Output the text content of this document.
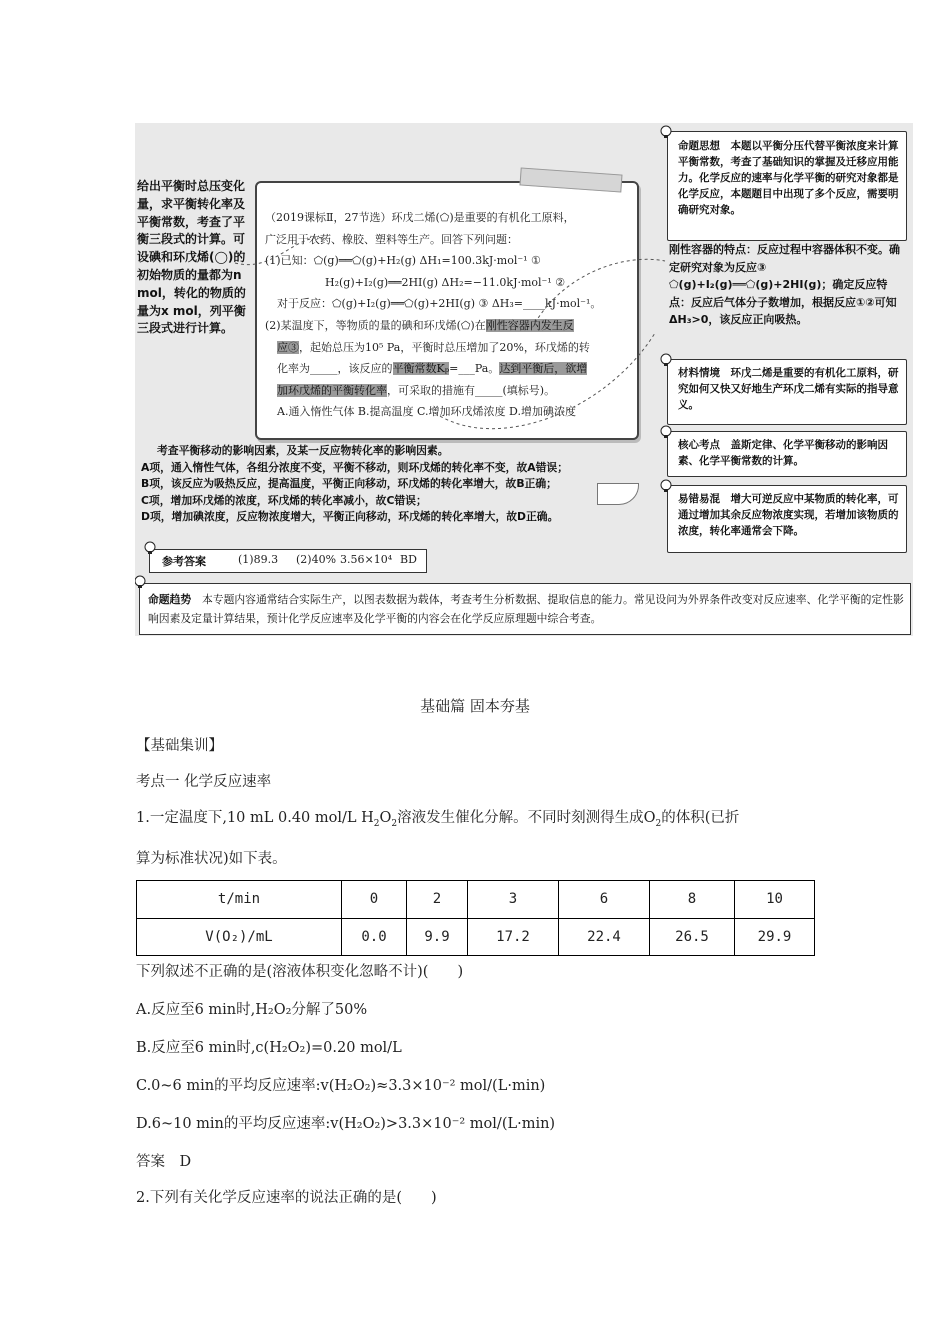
给出平衡时总压变化量，求平衡转化率及平衡常数，考查了平衡三段式的计算。可设碘和环戊烯(◯)的初始物质的量都为n mol，转化的物质的量为x mol，列平衡三段式进行计算。
（2019课标Ⅱ，27节选）环戊二烯(⬠)是重要的有机化工原料，
广泛用于农药、橡胶、塑料等生产。回答下列问题：
(1)已知：⬠(g)══⬠(g)+H₂(g) ΔH₁=100.3kJ·mol⁻¹ ①
H₂(g)+I₂(g)══2HI(g) ΔH₂=−11.0kJ·mol⁻¹ ②
对于反应：⬠(g)+I₂(g)══⬠(g)+2HI(g) ③ ΔH₃=____kJ·mol⁻¹。
(2)某温度下，等物质的量的碘和环戊烯(⬠)在刚性容器内发生反
应③，起始总压为10⁵ Pa，平衡时总压增加了20%，环戊烯的转
化率为_____，该反应的平衡常数Kₚ=___Pa。达到平衡后，欲增
加环戊烯的平衡转化率，可采取的措施有_____(填标号)。
A.通入惰性气体 B.提高温度 C.增加环戊烯浓度 D.增加碘浓度
命题思想　 本题以平衡分压代替平衡浓度来计算平衡常数，考查了基础知识的掌握及迁移应用能力。化学反应的速率与化学平衡的研究对象都是化学反应，本题题目中出现了多个反应，需要明确研究对象。
刚性容器的特点：反应过程中容器体积不变。确定研究对象为反应③ ⬠(g)+I₂(g)══⬠(g)+2HI(g)；确定反应特点：反应后气体分子数增加，根据反应①②可知ΔH₃>0，该反应正向吸热。
材料情境　 环戊二烯是重要的有机化工原料，研究如何又快又好地生产环戊二烯有实际的指导意义。
核心考点　 盖斯定律、化学平衡移动的影响因素、化学平衡常数的计算。
易错易混　 增大可逆反应中某物质的转化率，可通过增加其余反应物浓度实现，若增加该物质的浓度，转化率通常会下降。
考查平衡移动的影响因素，及某一反应物转化率的影响因素。
A项，通入惰性气体，各组分浓度不变，平衡不移动，则环戊烯的转化率不变，故A错误；
B项，该反应为吸热反应，提高温度，平衡正向移动，环戊烯的转化率增大，故B正确；
C项，增加环戊烯的浓度，环戊烯的转化率减小，故C错误；
D项，增加碘浓度，反应物浓度增大，平衡正向移动，环戊烯的转化率增大，故D正确。
参考答案	(1)89.3 (2)40% 3.56×10⁴ BD
命题趋势　 本专题内容通常结合实际生产，以图表数据为载体，考查考生分析数据、提取信息的能力。常见设问为外界条件改变对反应速率、化学平衡的定性影响因素及定量计算结果，预计化学反应速率及化学平衡的内容会在化学反应原理题中综合考查。
基础篇 固本夯基
【基础集训】
考点一 化学反应速率
1.一定温度下,10 mL 0.40 mol/L $H_2O_2$溶液发生催化分解。不同时刻测得生成$O_2$的体积(已折
算为标准状况)如下表。
t/min	0	2	3	6	8	10
V(O₂)/mL	0.0	9.9	17.2	22.4	26.5	29.9
下列叙述不正确的是(溶液体积变化忽略不计)(　　)
A.反应至6 min时,H₂O₂分解了50%
B.反应至6 min时,c(H₂O₂)=0.20 mol/L
C.0~6 min的平均反应速率:v(H₂O₂)≈3.3×10⁻² mol/(L·min)
D.6~10 min的平均反应速率:v(H₂O₂)>3.3×10⁻² mol/(L·min)
答案　D
2.下列有关化学反应速率的说法正确的是(　　)
